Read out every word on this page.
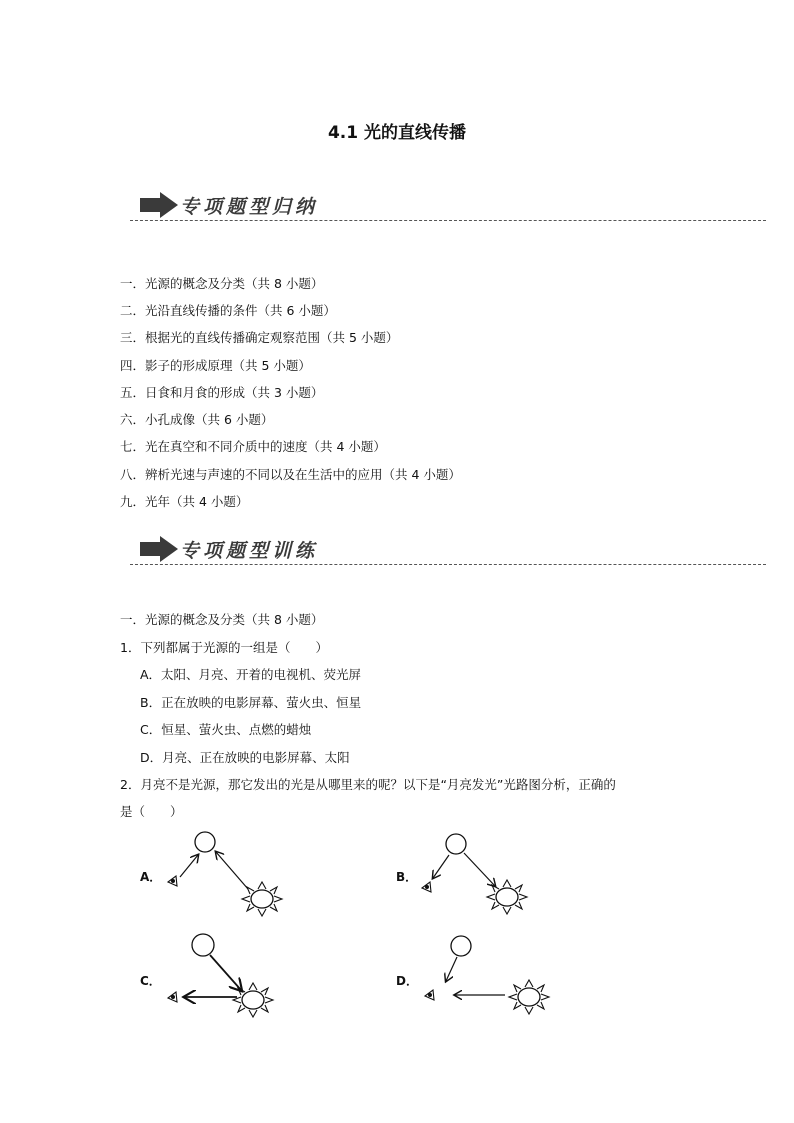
4.1 光的直线传播
专项题型归纳
一．光源的概念及分类（共 8 小题）
二．光沿直线传播的条件（共 6 小题）
三．根据光的直线传播确定观察范围（共 5 小题）
四．影子的形成原理（共 5 小题）
五．日食和月食的形成（共 3 小题）
六．小孔成像（共 6 小题）
七．光在真空和不同介质中的速度（共 4 小题）
八．辨析光速与声速的不同以及在生活中的应用（共 4 小题）
九．光年（共 4 小题）
专项题型训练
一．光源的概念及分类（共 8 小题）
1．下列都属于光源的一组是（　　）
A．太阳、月亮、开着的电视机、荧光屏
B．正在放映的电影屏幕、萤火虫、恒星
C．恒星、萤火虫、点燃的蜡烛
D．月亮、正在放映的电影屏幕、太阳
2．月亮不是光源，那它发出的光是从哪里来的呢？以下是“月亮发光”光路图分析，正确的
是（　　）
A．	B．
C．	D．
